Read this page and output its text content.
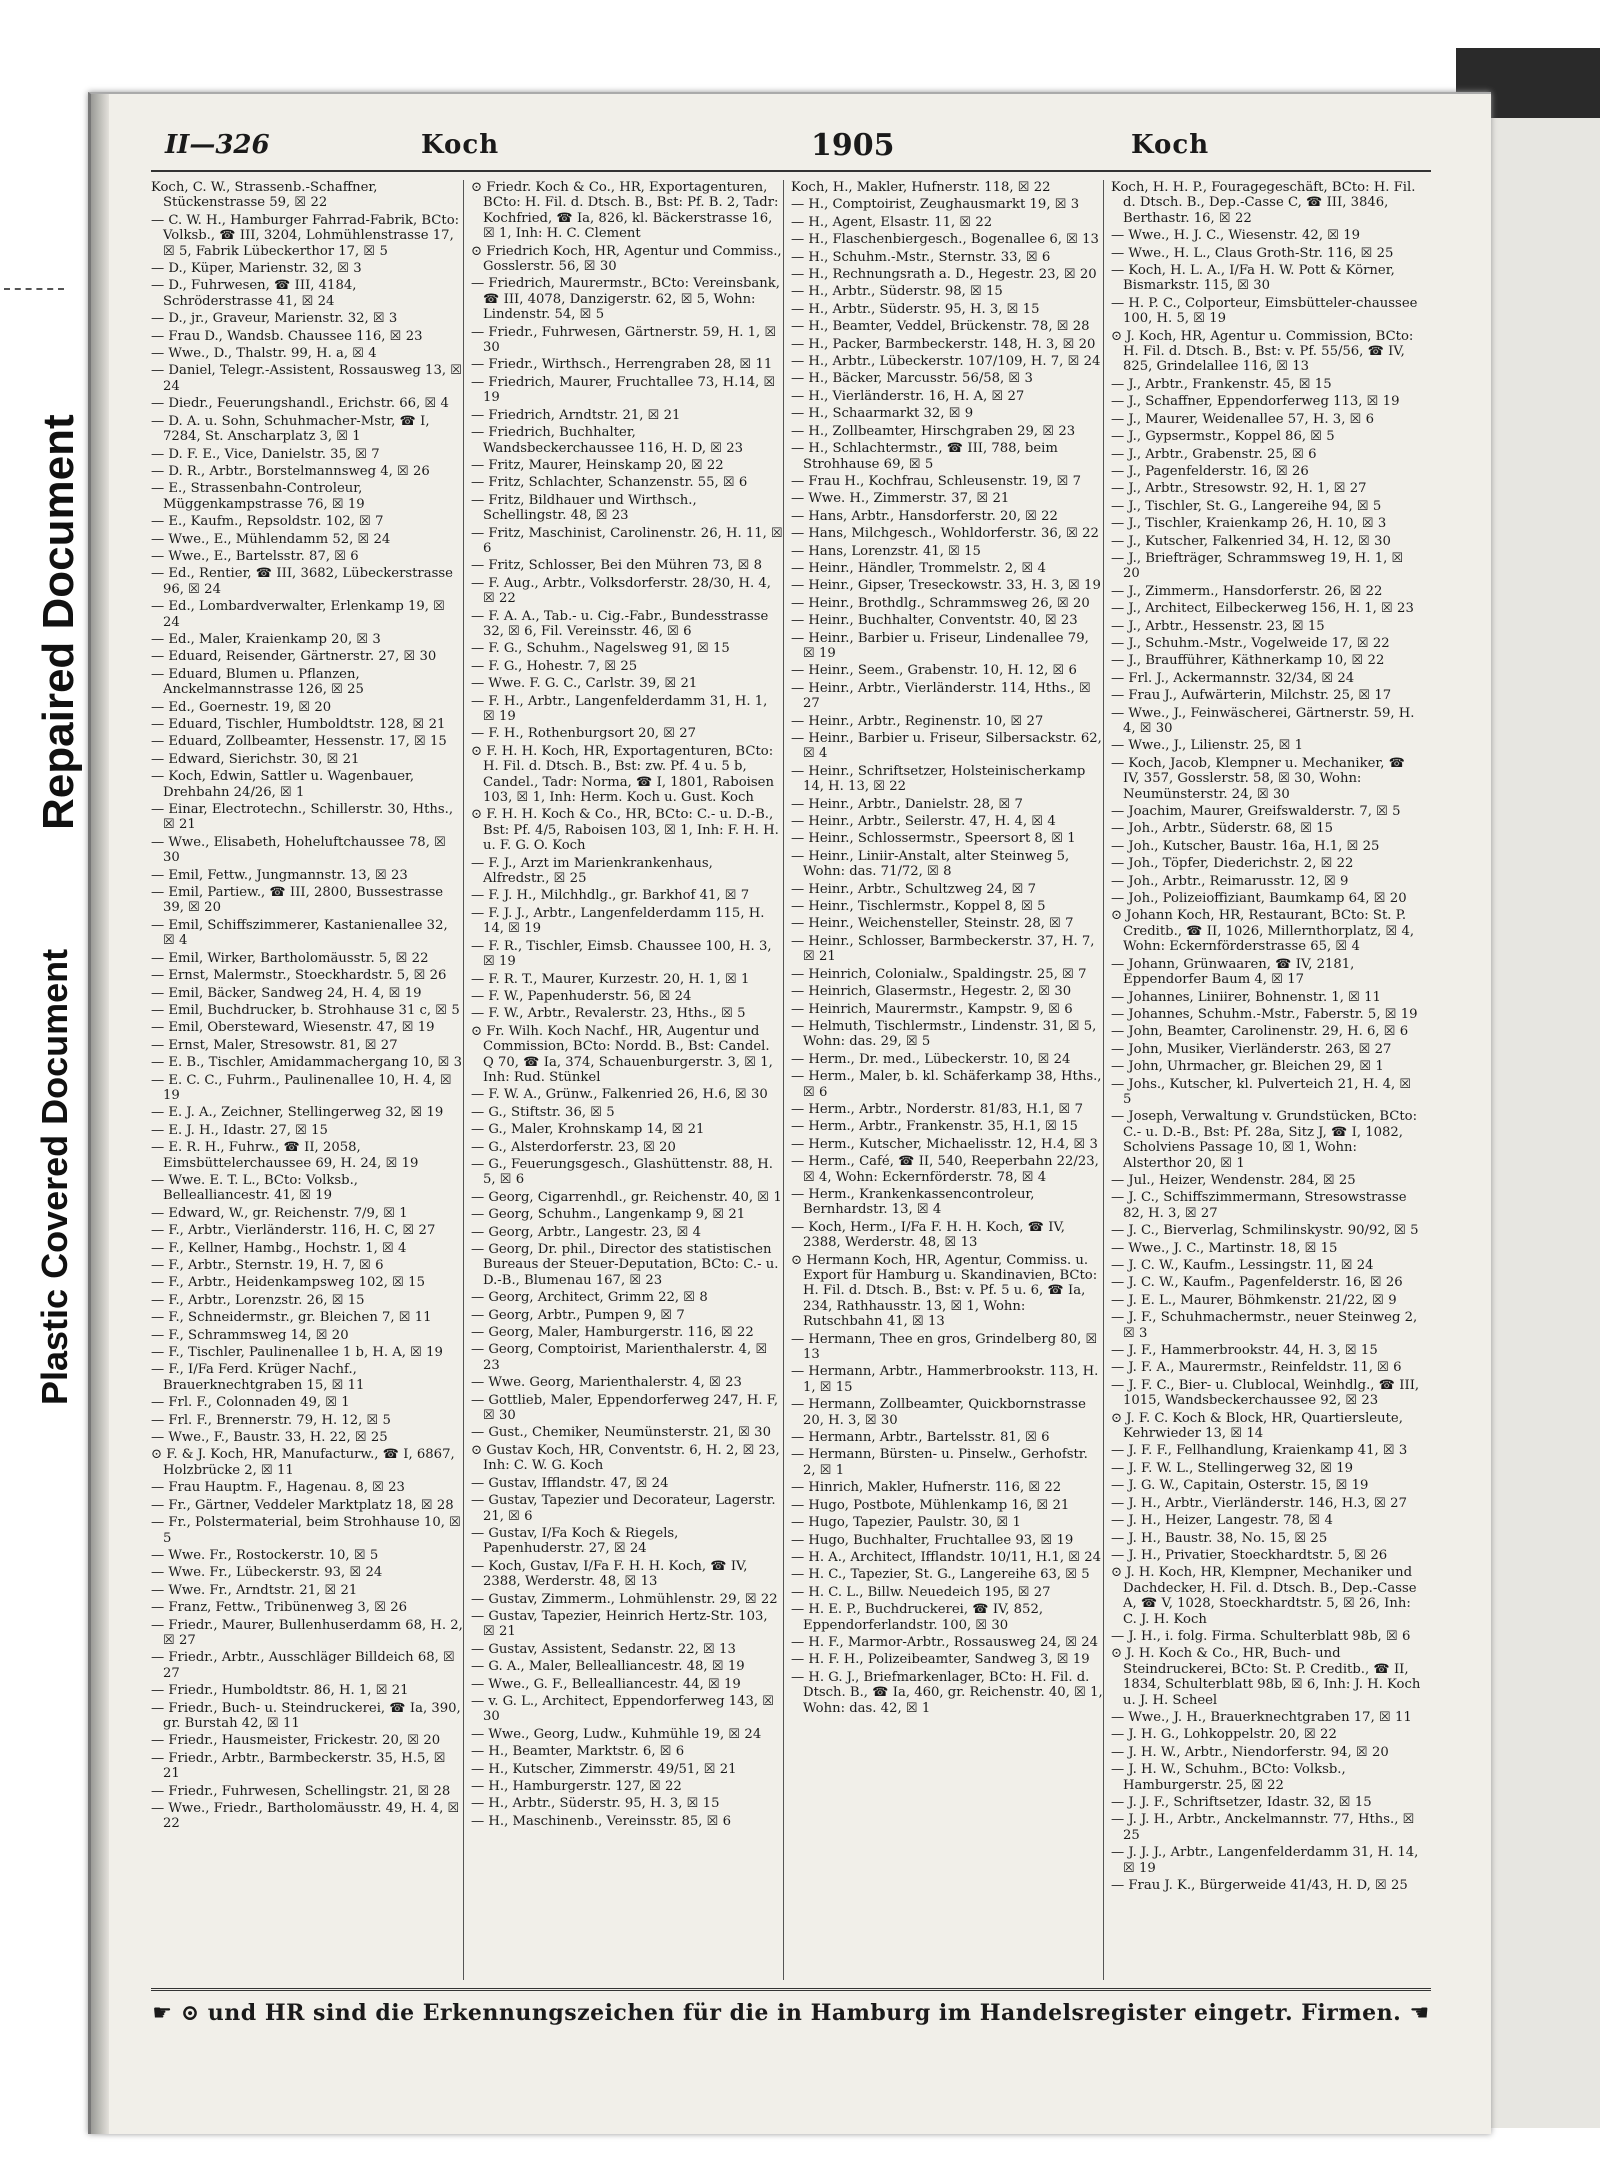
Repaired Document
Plastic Covered Document
II—326	Koch	1905	Koch
Koch, C. W., Strassenb.-Schaffner, Stückenstrasse 59, ☒ 22
— C. W. H., Hamburger Fahrrad-Fabrik, BCto: Volksb., ☎ III, 3204, Lohmühlenstrasse 17, ☒ 5, Fabrik Lübeckerthor 17, ☒ 5
— D., Küper, Marienstr. 32, ☒ 3
— D., Fuhrwesen, ☎ III, 4184, Schröderstrasse 41, ☒ 24
— D., jr., Graveur, Marienstr. 32, ☒ 3
— Frau D., Wandsb. Chaussee 116, ☒ 23
— Wwe., D., Thalstr. 99, H. a, ☒ 4
— Daniel, Telegr.-Assistent, Rossausweg 13, ☒ 24
— Diedr., Feuerungshandl., Erichstr. 66, ☒ 4
— D. A. u. Sohn, Schuhmacher-Mstr, ☎ I, 7284, St. Anscharplatz 3, ☒ 1
— D. F. E., Vice, Danielstr. 35, ☒ 7
— D. R., Arbtr., Borstelmannsweg 4, ☒ 26
— E., Strassenbahn-Controleur, Müggenkampstrasse 76, ☒ 19
— E., Kaufm., Repsoldstr. 102, ☒ 7
— Wwe., E., Mühlendamm 52, ☒ 24
— Wwe., E., Bartelsstr. 87, ☒ 6
— Ed., Rentier, ☎ III, 3682, Lübeckerstrasse 96, ☒ 24
— Ed., Lombardverwalter, Erlenkamp 19, ☒ 24
— Ed., Maler, Kraienkamp 20, ☒ 3
— Eduard, Reisender, Gärtnerstr. 27, ☒ 30
— Eduard, Blumen u. Pflanzen, Anckelmannstrasse 126, ☒ 25
— Ed., Goernestr. 19, ☒ 20
— Eduard, Tischler, Humboldtstr. 128, ☒ 21
— Eduard, Zollbeamter, Hessenstr. 17, ☒ 15
— Edward, Sierichstr. 30, ☒ 21
— Koch, Edwin, Sattler u. Wagenbauer, Drehbahn 24/26, ☒ 1
— Einar, Electrotechn., Schillerstr. 30, Hths., ☒ 21
— Wwe., Elisabeth, Hoheluftchaussee 78, ☒ 30
— Emil, Fettw., Jungmannstr. 13, ☒ 23
— Emil, Partiew., ☎ III, 2800, Bussestrasse 39, ☒ 20
— Emil, Schiffszimmerer, Kastanienallee 32, ☒ 4
— Emil, Wirker, Bartholomäusstr. 5, ☒ 22
— Ernst, Malermstr., Stoeckhardstr. 5, ☒ 26
— Emil, Bäcker, Sandweg 24, H. 4, ☒ 19
— Emil, Buchdrucker, b. Strohhause 31 c, ☒ 5
— Emil, Obersteward, Wiesenstr. 47, ☒ 19
— Ernst, Maler, Stresowstr. 81, ☒ 27
— E. B., Tischler, Amidammachergang 10, ☒ 3
— E. C. C., Fuhrm., Paulinenallee 10, H. 4, ☒ 19
— E. J. A., Zeichner, Stellingerweg 32, ☒ 19
— E. J. H., Idastr. 27, ☒ 15
— E. R. H., Fuhrw., ☎ II, 2058, Eimsbüttelerchaussee 69, H. 24, ☒ 19
— Wwe. E. T. L., BCto: Volksb., Bellealliancestr. 41, ☒ 19
— Edward, W., gr. Reichenstr. 7/9, ☒ 1
— F., Arbtr., Vierländerstr. 116, H. C, ☒ 27
— F., Kellner, Hambg., Hochstr. 1, ☒ 4
— F., Arbtr., Sternstr. 19, H. 7, ☒ 6
— F., Arbtr., Heidenkampsweg 102, ☒ 15
— F., Arbtr., Lorenzstr. 26, ☒ 15
— F., Schneidermstr., gr. Bleichen 7, ☒ 11
— F., Schrammsweg 14, ☒ 20
— F., Tischler, Paulinenallee 1 b, H. A, ☒ 19
— F., I/Fa Ferd. Krüger Nachf., Brauerknechtgraben 15, ☒ 11
— Frl. F., Colonnaden 49, ☒ 1
— Frl. F., Brennerstr. 79, H. 12, ☒ 5
— Wwe., F., Baustr. 33, H. 22, ☒ 25
⊙ F. & J. Koch, HR, Manufacturw., ☎ I, 6867, Holzbrücke 2, ☒ 11
— Frau Hauptm. F., Hagenau. 8, ☒ 23
— Fr., Gärtner, Veddeler Marktplatz 18, ☒ 28
— Fr., Polstermaterial, beim Strohhause 10, ☒ 5
— Wwe. Fr., Rostockerstr. 10, ☒ 5
— Wwe. Fr., Lübeckerstr. 93, ☒ 24
— Wwe. Fr., Arndtstr. 21, ☒ 21
— Franz, Fettw., Tribünenweg 3, ☒ 26
— Friedr., Maurer, Bullenhuserdamm 68, H. 2, ☒ 27
— Friedr., Arbtr., Ausschläger Billdeich 68, ☒ 27
— Friedr., Humboldtstr. 86, H. 1, ☒ 21
— Friedr., Buch- u. Steindruckerei, ☎ Ia, 390, gr. Burstah 42, ☒ 11
— Friedr., Hausmeister, Frickestr. 20, ☒ 20
— Friedr., Arbtr., Barmbeckerstr. 35, H.5, ☒ 21
— Friedr., Fuhrwesen, Schellingstr. 21, ☒ 28
— Wwe., Friedr., Bartholomäusstr. 49, H. 4, ☒ 22
⊙ Friedr. Koch & Co., HR, Exportagenturen, BCto: H. Fil. d. Dtsch. B., Bst: Pf. B. 2, Tadr: Kochfried, ☎ Ia, 826, kl. Bäckerstrasse 16, ☒ 1, Inh: H. C. Clement
⊙ Friedrich Koch, HR, Agentur und Commiss., Gosslerstr. 56, ☒ 30
— Friedrich, Maurermstr., BCto: Vereinsbank, ☎ III, 4078, Danzigerstr. 62, ☒ 5, Wohn: Lindenstr. 54, ☒ 5
— Friedr., Fuhrwesen, Gärtnerstr. 59, H. 1, ☒ 30
— Friedr., Wirthsch., Herrengraben 28, ☒ 11
— Friedrich, Maurer, Fruchtallee 73, H.14, ☒ 19
— Friedrich, Arndtstr. 21, ☒ 21
— Friedrich, Buchhalter, Wandsbeckerchaussee 116, H. D, ☒ 23
— Fritz, Maurer, Heinskamp 20, ☒ 22
— Fritz, Schlachter, Schanzenstr. 55, ☒ 6
— Fritz, Bildhauer und Wirthsch., Schellingstr. 48, ☒ 23
— Fritz, Maschinist, Carolinenstr. 26, H. 11, ☒ 6
— Fritz, Schlosser, Bei den Mühren 73, ☒ 8
— F. Aug., Arbtr., Volksdorferstr. 28/30, H. 4, ☒ 22
— F. A. A., Tab.- u. Cig.-Fabr., Bundesstrasse 32, ☒ 6, Fil. Vereinsstr. 46, ☒ 6
— F. G., Schuhm., Nagelsweg 91, ☒ 15
— F. G., Hohestr. 7, ☒ 25
— Wwe. F. G. C., Carlstr. 39, ☒ 21
— F. H., Arbtr., Langenfelderdamm 31, H. 1, ☒ 19
— F. H., Rothenburgsort 20, ☒ 27
⊙ F. H. H. Koch, HR, Exportagenturen, BCto: H. Fil. d. Dtsch. B., Bst: zw. Pf. 4 u. 5 b, Candel., Tadr: Norma, ☎ I, 1801, Raboisen 103, ☒ 1, Inh: Herm. Koch u. Gust. Koch
⊙ F. H. H. Koch & Co., HR, BCto: C.- u. D.-B., Bst: Pf. 4/5, Raboisen 103, ☒ 1, Inh: F. H. H. u. F. G. O. Koch
— F. J., Arzt im Marienkrankenhaus, Alfredstr., ☒ 25
— F. J. H., Milchhdlg., gr. Barkhof 41, ☒ 7
— F. J. J., Arbtr., Langenfelderdamm 115, H. 14, ☒ 19
— F. R., Tischler, Eimsb. Chaussee 100, H. 3, ☒ 19
— F. R. T., Maurer, Kurzestr. 20, H. 1, ☒ 1
— F. W., Papenhuderstr. 56, ☒ 24
— F. W., Arbtr., Revalerstr. 23, Hths., ☒ 5
⊙ Fr. Wilh. Koch Nachf., HR, Augentur und Commission, BCto: Nordd. B., Bst: Candel. Q 70, ☎ Ia, 374, Schauenburgerstr. 3, ☒ 1, Inh: Rud. Stünkel
— F. W. A., Grünw., Falkenried 26, H.6, ☒ 30
— G., Stiftstr. 36, ☒ 5
— G., Maler, Krohnskamp 14, ☒ 21
— G., Alsterdorferstr. 23, ☒ 20
— G., Feuerungsgesch., Glashüttenstr. 88, H. 5, ☒ 6
— Georg, Cigarrenhdl., gr. Reichenstr. 40, ☒ 1
— Georg, Schuhm., Langenkamp 9, ☒ 21
— Georg, Arbtr., Langestr. 23, ☒ 4
— Georg, Dr. phil., Director des statistischen Bureaus der Steuer-Deputation, BCto: C.- u. D.-B., Blumenau 167, ☒ 23
— Georg, Architect, Grimm 22, ☒ 8
— Georg, Arbtr., Pumpen 9, ☒ 7
— Georg, Maler, Hamburgerstr. 116, ☒ 22
— Georg, Comptoirist, Marienthalerstr. 4, ☒ 23
— Wwe. Georg, Marienthalerstr. 4, ☒ 23
— Gottlieb, Maler, Eppendorferweg 247, H. F, ☒ 30
— Gust., Chemiker, Neumünsterstr. 21, ☒ 30
⊙ Gustav Koch, HR, Conventstr. 6, H. 2, ☒ 23, Inh: C. W. G. Koch
— Gustav, Ifflandstr. 47, ☒ 24
— Gustav, Tapezier und Decorateur, Lagerstr. 21, ☒ 6
— Gustav, I/Fa Koch & Riegels, Papenhuderstr. 27, ☒ 24
— Koch, Gustav, I/Fa F. H. H. Koch, ☎ IV, 2388, Werderstr. 48, ☒ 13
— Gustav, Zimmerm., Lohmühlenstr. 29, ☒ 22
— Gustav, Tapezier, Heinrich Hertz-Str. 103, ☒ 21
— Gustav, Assistent, Sedanstr. 22, ☒ 13
— G. A., Maler, Bellealliancestr. 48, ☒ 19
— Wwe., G. F., Bellealliancestr. 44, ☒ 19
— v. G. L., Architect, Eppendorferweg 143, ☒ 30
— Wwe., Georg, Ludw., Kuhmühle 19, ☒ 24
— H., Beamter, Marktstr. 6, ☒ 6
— H., Kutscher, Zimmerstr. 49/51, ☒ 21
— H., Hamburgerstr. 127, ☒ 22
— H., Arbtr., Süderstr. 95, H. 3, ☒ 15
— H., Maschinenb., Vereinsstr. 85, ☒ 6
Koch, H., Makler, Hufnerstr. 118, ☒ 22
— H., Comptoirist, Zeughausmarkt 19, ☒ 3
— H., Agent, Elsastr. 11, ☒ 22
— H., Flaschenbiergesch., Bogenallee 6, ☒ 13
— H., Schuhm.-Mstr., Sternstr. 33, ☒ 6
— H., Rechnungsrath a. D., Hegestr. 23, ☒ 20
— H., Arbtr., Süderstr. 98, ☒ 15
— H., Arbtr., Süderstr. 95, H. 3, ☒ 15
— H., Beamter, Veddel, Brückenstr. 78, ☒ 28
— H., Packer, Barmbeckerstr. 148, H. 3, ☒ 20
— H., Arbtr., Lübeckerstr. 107/109, H. 7, ☒ 24
— H., Bäcker, Marcusstr. 56/58, ☒ 3
— H., Vierländerstr. 16, H. A, ☒ 27
— H., Schaarmarkt 32, ☒ 9
— H., Zollbeamter, Hirschgraben 29, ☒ 23
— H., Schlachtermstr., ☎ III, 788, beim Strohhause 69, ☒ 5
— Frau H., Kochfrau, Schleusenstr. 19, ☒ 7
— Wwe. H., Zimmerstr. 37, ☒ 21
— Hans, Arbtr., Hansdorferstr. 20, ☒ 22
— Hans, Milchgesch., Wohldorferstr. 36, ☒ 22
— Hans, Lorenzstr. 41, ☒ 15
— Heinr., Händler, Trommelstr. 2, ☒ 4
— Heinr., Gipser, Treseckowstr. 33, H. 3, ☒ 19
— Heinr., Brothdlg., Schrammsweg 26, ☒ 20
— Heinr., Buchhalter, Conventstr. 40, ☒ 23
— Heinr., Barbier u. Friseur, Lindenallee 79, ☒ 19
— Heinr., Seem., Grabenstr. 10, H. 12, ☒ 6
— Heinr., Arbtr., Vierländerstr. 114, Hths., ☒ 27
— Heinr., Arbtr., Reginenstr. 10, ☒ 27
— Heinr., Barbier u. Friseur, Silbersackstr. 62, ☒ 4
— Heinr., Schriftsetzer, Holsteinischerkamp 14, H. 13, ☒ 22
— Heinr., Arbtr., Danielstr. 28, ☒ 7
— Heinr., Arbtr., Seilerstr. 47, H. 4, ☒ 4
— Heinr., Schlossermstr., Speersort 8, ☒ 1
— Heinr., Liniir-Anstalt, alter Steinweg 5, Wohn: das. 71/72, ☒ 8
— Heinr., Arbtr., Schultzweg 24, ☒ 7
— Heinr., Tischlermstr., Koppel 8, ☒ 5
— Heinr., Weichensteller, Steinstr. 28, ☒ 7
— Heinr., Schlosser, Barmbeckerstr. 37, H. 7, ☒ 21
— Heinrich, Colonialw., Spaldingstr. 25, ☒ 7
— Heinrich, Glasermstr., Hegestr. 2, ☒ 30
— Heinrich, Maurermstr., Kampstr. 9, ☒ 6
— Helmuth, Tischlermstr., Lindenstr. 31, ☒ 5, Wohn: das. 29, ☒ 5
— Herm., Dr. med., Lübeckerstr. 10, ☒ 24
— Herm., Maler, b. kl. Schäferkamp 38, Hths., ☒ 6
— Herm., Arbtr., Norderstr. 81/83, H.1, ☒ 7
— Herm., Arbtr., Frankenstr. 35, H.1, ☒ 15
— Herm., Kutscher, Michaelisstr. 12, H.4, ☒ 3
— Herm., Café, ☎ II, 540, Reeperbahn 22/23, ☒ 4, Wohn: Eckernförderstr. 78, ☒ 4
— Herm., Krankenkassencontroleur, Bernhardstr. 13, ☒ 4
— Koch, Herm., I/Fa F. H. H. Koch, ☎ IV, 2388, Werderstr. 48, ☒ 13
⊙ Hermann Koch, HR, Agentur, Commiss. u. Export für Hamburg u. Skandinavien, BCto: H. Fil. d. Dtsch. B., Bst: v. Pf. 5 u. 6, ☎ Ia, 234, Rathhausstr. 13, ☒ 1, Wohn: Rutschbahn 41, ☒ 13
— Hermann, Thee en gros, Grindelberg 80, ☒ 13
— Hermann, Arbtr., Hammerbrookstr. 113, H. 1, ☒ 15
— Hermann, Zollbeamter, Quickbornstrasse 20, H. 3, ☒ 30
— Hermann, Arbtr., Bartelsstr. 81, ☒ 6
— Hermann, Bürsten- u. Pinselw., Gerhofstr. 2, ☒ 1
— Hinrich, Makler, Hufnerstr. 116, ☒ 22
— Hugo, Postbote, Mühlenkamp 16, ☒ 21
— Hugo, Tapezier, Paulstr. 30, ☒ 1
— Hugo, Buchhalter, Fruchtallee 93, ☒ 19
— H. A., Architect, Ifflandstr. 10/11, H.1, ☒ 24
— H. C., Tapezier, St. G., Langereihe 63, ☒ 5
— H. C. L., Billw. Neuedeich 195, ☒ 27
— H. E. P., Buchdruckerei, ☎ IV, 852, Eppendorferlandstr. 100, ☒ 30
— H. F., Marmor-Arbtr., Rossausweg 24, ☒ 24
— H. F. H., Polizeibeamter, Sandweg 3, ☒ 19
— H. G. J., Briefmarkenlager, BCto: H. Fil. d. Dtsch. B., ☎ Ia, 460, gr. Reichenstr. 40, ☒ 1, Wohn: das. 42, ☒ 1
Koch, H. H. P., Fouragegeschäft, BCto: H. Fil. d. Dtsch. B., Dep.-Casse C, ☎ III, 3846, Berthastr. 16, ☒ 22
— Wwe., H. J. C., Wiesenstr. 42, ☒ 19
— Wwe., H. L., Claus Groth-Str. 116, ☒ 25
— Koch, H. L. A., I/Fa H. W. Pott & Körner, Bismarkstr. 115, ☒ 30
— H. P. C., Colporteur, Eimsbütteler-chaussee 100, H. 5, ☒ 19
⊙ J. Koch, HR, Agentur u. Commission, BCto: H. Fil. d. Dtsch. B., Bst: v. Pf. 55/56, ☎ IV, 825, Grindelallee 116, ☒ 13
— J., Arbtr., Frankenstr. 45, ☒ 15
— J., Schaffner, Eppendorferweg 113, ☒ 19
— J., Maurer, Weidenallee 57, H. 3, ☒ 6
— J., Gypsermstr., Koppel 86, ☒ 5
— J., Arbtr., Grabenstr. 25, ☒ 6
— J., Pagenfelderstr. 16, ☒ 26
— J., Arbtr., Stresowstr. 92, H. 1, ☒ 27
— J., Tischler, St. G., Langereihe 94, ☒ 5
— J., Tischler, Kraienkamp 26, H. 10, ☒ 3
— J., Kutscher, Falkenried 34, H. 12, ☒ 30
— J., Briefträger, Schrammsweg 19, H. 1, ☒ 20
— J., Zimmerm., Hansdorferstr. 26, ☒ 22
— J., Architect, Eilbeckerweg 156, H. 1, ☒ 23
— J., Arbtr., Hessenstr. 23, ☒ 15
— J., Schuhm.-Mstr., Vogelweide 17, ☒ 22
— J., Braufführer, Käthnerkamp 10, ☒ 22
— Frl. J., Ackermannstr. 32/34, ☒ 24
— Frau J., Aufwärterin, Milchstr. 25, ☒ 17
— Wwe., J., Feinwäscherei, Gärtnerstr. 59, H. 4, ☒ 30
— Wwe., J., Lilienstr. 25, ☒ 1
— Koch, Jacob, Klempner u. Mechaniker, ☎ IV, 357, Gosslerstr. 58, ☒ 30, Wohn: Neumünsterstr. 24, ☒ 30
— Joachim, Maurer, Greifswalderstr. 7, ☒ 5
— Joh., Arbtr., Süderstr. 68, ☒ 15
— Joh., Kutscher, Baustr. 16a, H.1, ☒ 25
— Joh., Töpfer, Diederichstr. 2, ☒ 22
— Joh., Arbtr., Reimarusstr. 12, ☒ 9
— Joh., Polizeioffiziant, Baumkamp 64, ☒ 20
⊙ Johann Koch, HR, Restaurant, BCto: St. P. Creditb., ☎ II, 1026, Millernthorplatz, ☒ 4, Wohn: Eckernförderstrasse 65, ☒ 4
— Johann, Grünwaaren, ☎ IV, 2181, Eppendorfer Baum 4, ☒ 17
— Johannes, Liniirer, Bohnenstr. 1, ☒ 11
— Johannes, Schuhm.-Mstr., Faberstr. 5, ☒ 19
— John, Beamter, Carolinenstr. 29, H. 6, ☒ 6
— John, Musiker, Vierländerstr. 263, ☒ 27
— John, Uhrmacher, gr. Bleichen 29, ☒ 1
— Johs., Kutscher, kl. Pulverteich 21, H. 4, ☒ 5
— Joseph, Verwaltung v. Grundstücken, BCto: C.- u. D.-B., Bst: Pf. 28a, Sitz J, ☎ I, 1082, Scholviens Passage 10, ☒ 1, Wohn: Alsterthor 20, ☒ 1
— Jul., Heizer, Wendenstr. 284, ☒ 25
— J. C., Schiffszimmermann, Stresowstrasse 82, H. 3, ☒ 27
— J. C., Bierverlag, Schmilinskystr. 90/92, ☒ 5
— Wwe., J. C., Martinstr. 18, ☒ 15
— J. C. W., Kaufm., Lessingstr. 11, ☒ 24
— J. C. W., Kaufm., Pagenfelderstr. 16, ☒ 26
— J. E. L., Maurer, Böhmkenstr. 21/22, ☒ 9
— J. F., Schuhmachermstr., neuer Steinweg 2, ☒ 3
— J. F., Hammerbrookstr. 44, H. 3, ☒ 15
— J. F. A., Maurermstr., Reinfeldstr. 11, ☒ 6
— J. F. C., Bier- u. Clublocal, Weinhdlg., ☎ III, 1015, Wandsbeckerchaussee 92, ☒ 23
⊙ J. F. C. Koch & Block, HR, Quartiersleute, Kehrwieder 13, ☒ 14
— J. F. F., Fellhandlung, Kraienkamp 41, ☒ 3
— J. F. W. L., Stellingerweg 32, ☒ 19
— J. G. W., Capitain, Osterstr. 15, ☒ 19
— J. H., Arbtr., Vierländerstr. 146, H.3, ☒ 27
— J. H., Heizer, Langestr. 78, ☒ 4
— J. H., Baustr. 38, No. 15, ☒ 25
— J. H., Privatier, Stoeckhardtstr. 5, ☒ 26
⊙ J. H. Koch, HR, Klempner, Mechaniker und Dachdecker, H. Fil. d. Dtsch. B., Dep.-Casse A, ☎ V, 1028, Stoeckhardtstr. 5, ☒ 26, Inh: C. J. H. Koch
— J. H., i. folg. Firma. Schulterblatt 98b, ☒ 6
⊙ J. H. Koch & Co., HR, Buch- und Steindruckerei, BCto: St. P. Creditb., ☎ II, 1834, Schulterblatt 98b, ☒ 6, Inh: J. H. Koch u. J. H. Scheel
— Wwe., J. H., Brauerknechtgraben 17, ☒ 11
— J. H. G., Lohkoppelstr. 20, ☒ 22
— J. H. W., Arbtr., Niendorferstr. 94, ☒ 20
— J. H. W., Schuhm., BCto: Volksb., Hamburgerstr. 25, ☒ 22
— J. J. F., Schriftsetzer, Idastr. 32, ☒ 15
— J. J. H., Arbtr., Anckelmannstr. 77, Hths., ☒ 25
— J. J. J., Arbtr., Langenfelderdamm 31, H. 14, ☒ 19
— Frau J. K., Bürgerweide 41/43, H. D, ☒ 25
☛ ⊙ und HR sind die Erkennungszeichen für die in Hamburg im Handelsregister eingetr. Firmen. ☚
